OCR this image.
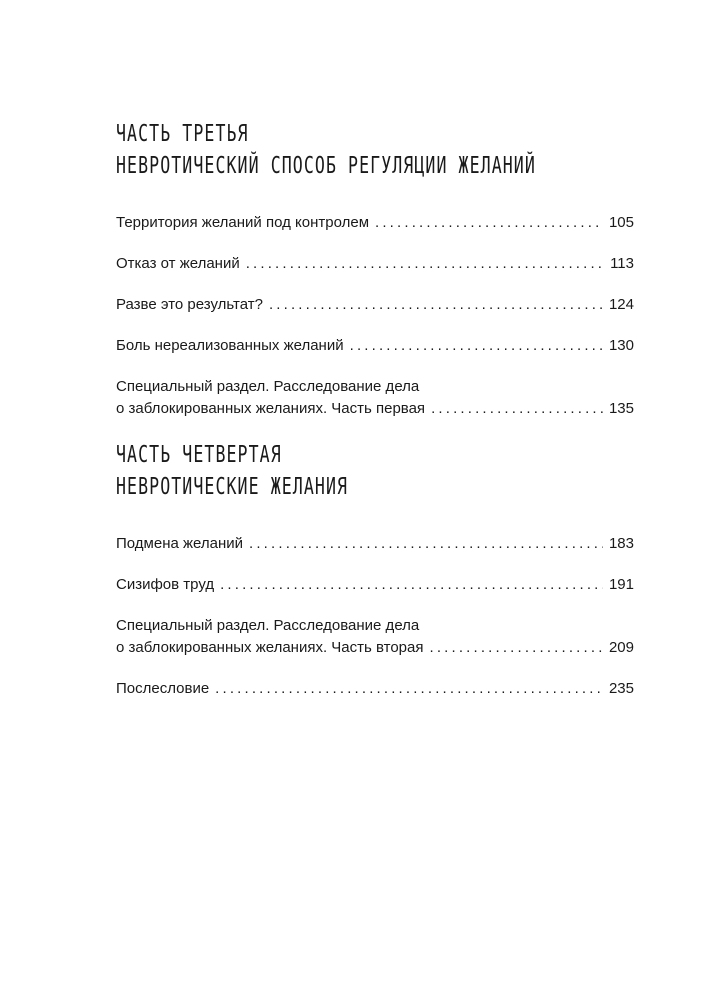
ЧАСТЬ ТРЕТЬЯ
НЕВРОТИЧЕСКИЙ СПОСОБ РЕГУЛЯЦИИ ЖЕЛАНИЙ
Территория желаний под контролем . . .	105
Отказ от желаний . . .	113
Разве это результат? . . .	124
Боль нереализованных желаний . . .	130
Специальный раздел. Расследование дела
о заблокированных желаниях. Часть первая . . .	135
ЧАСТЬ ЧЕТВЕРТАЯ
НЕВРОТИЧЕСКИЕ ЖЕЛАНИЯ
Подмена желаний . . .	183
Сизифов труд . . .	191
Специальный раздел. Расследование дела
о заблокированных желаниях. Часть вторая . . .	209
Послесловие . . .	235
